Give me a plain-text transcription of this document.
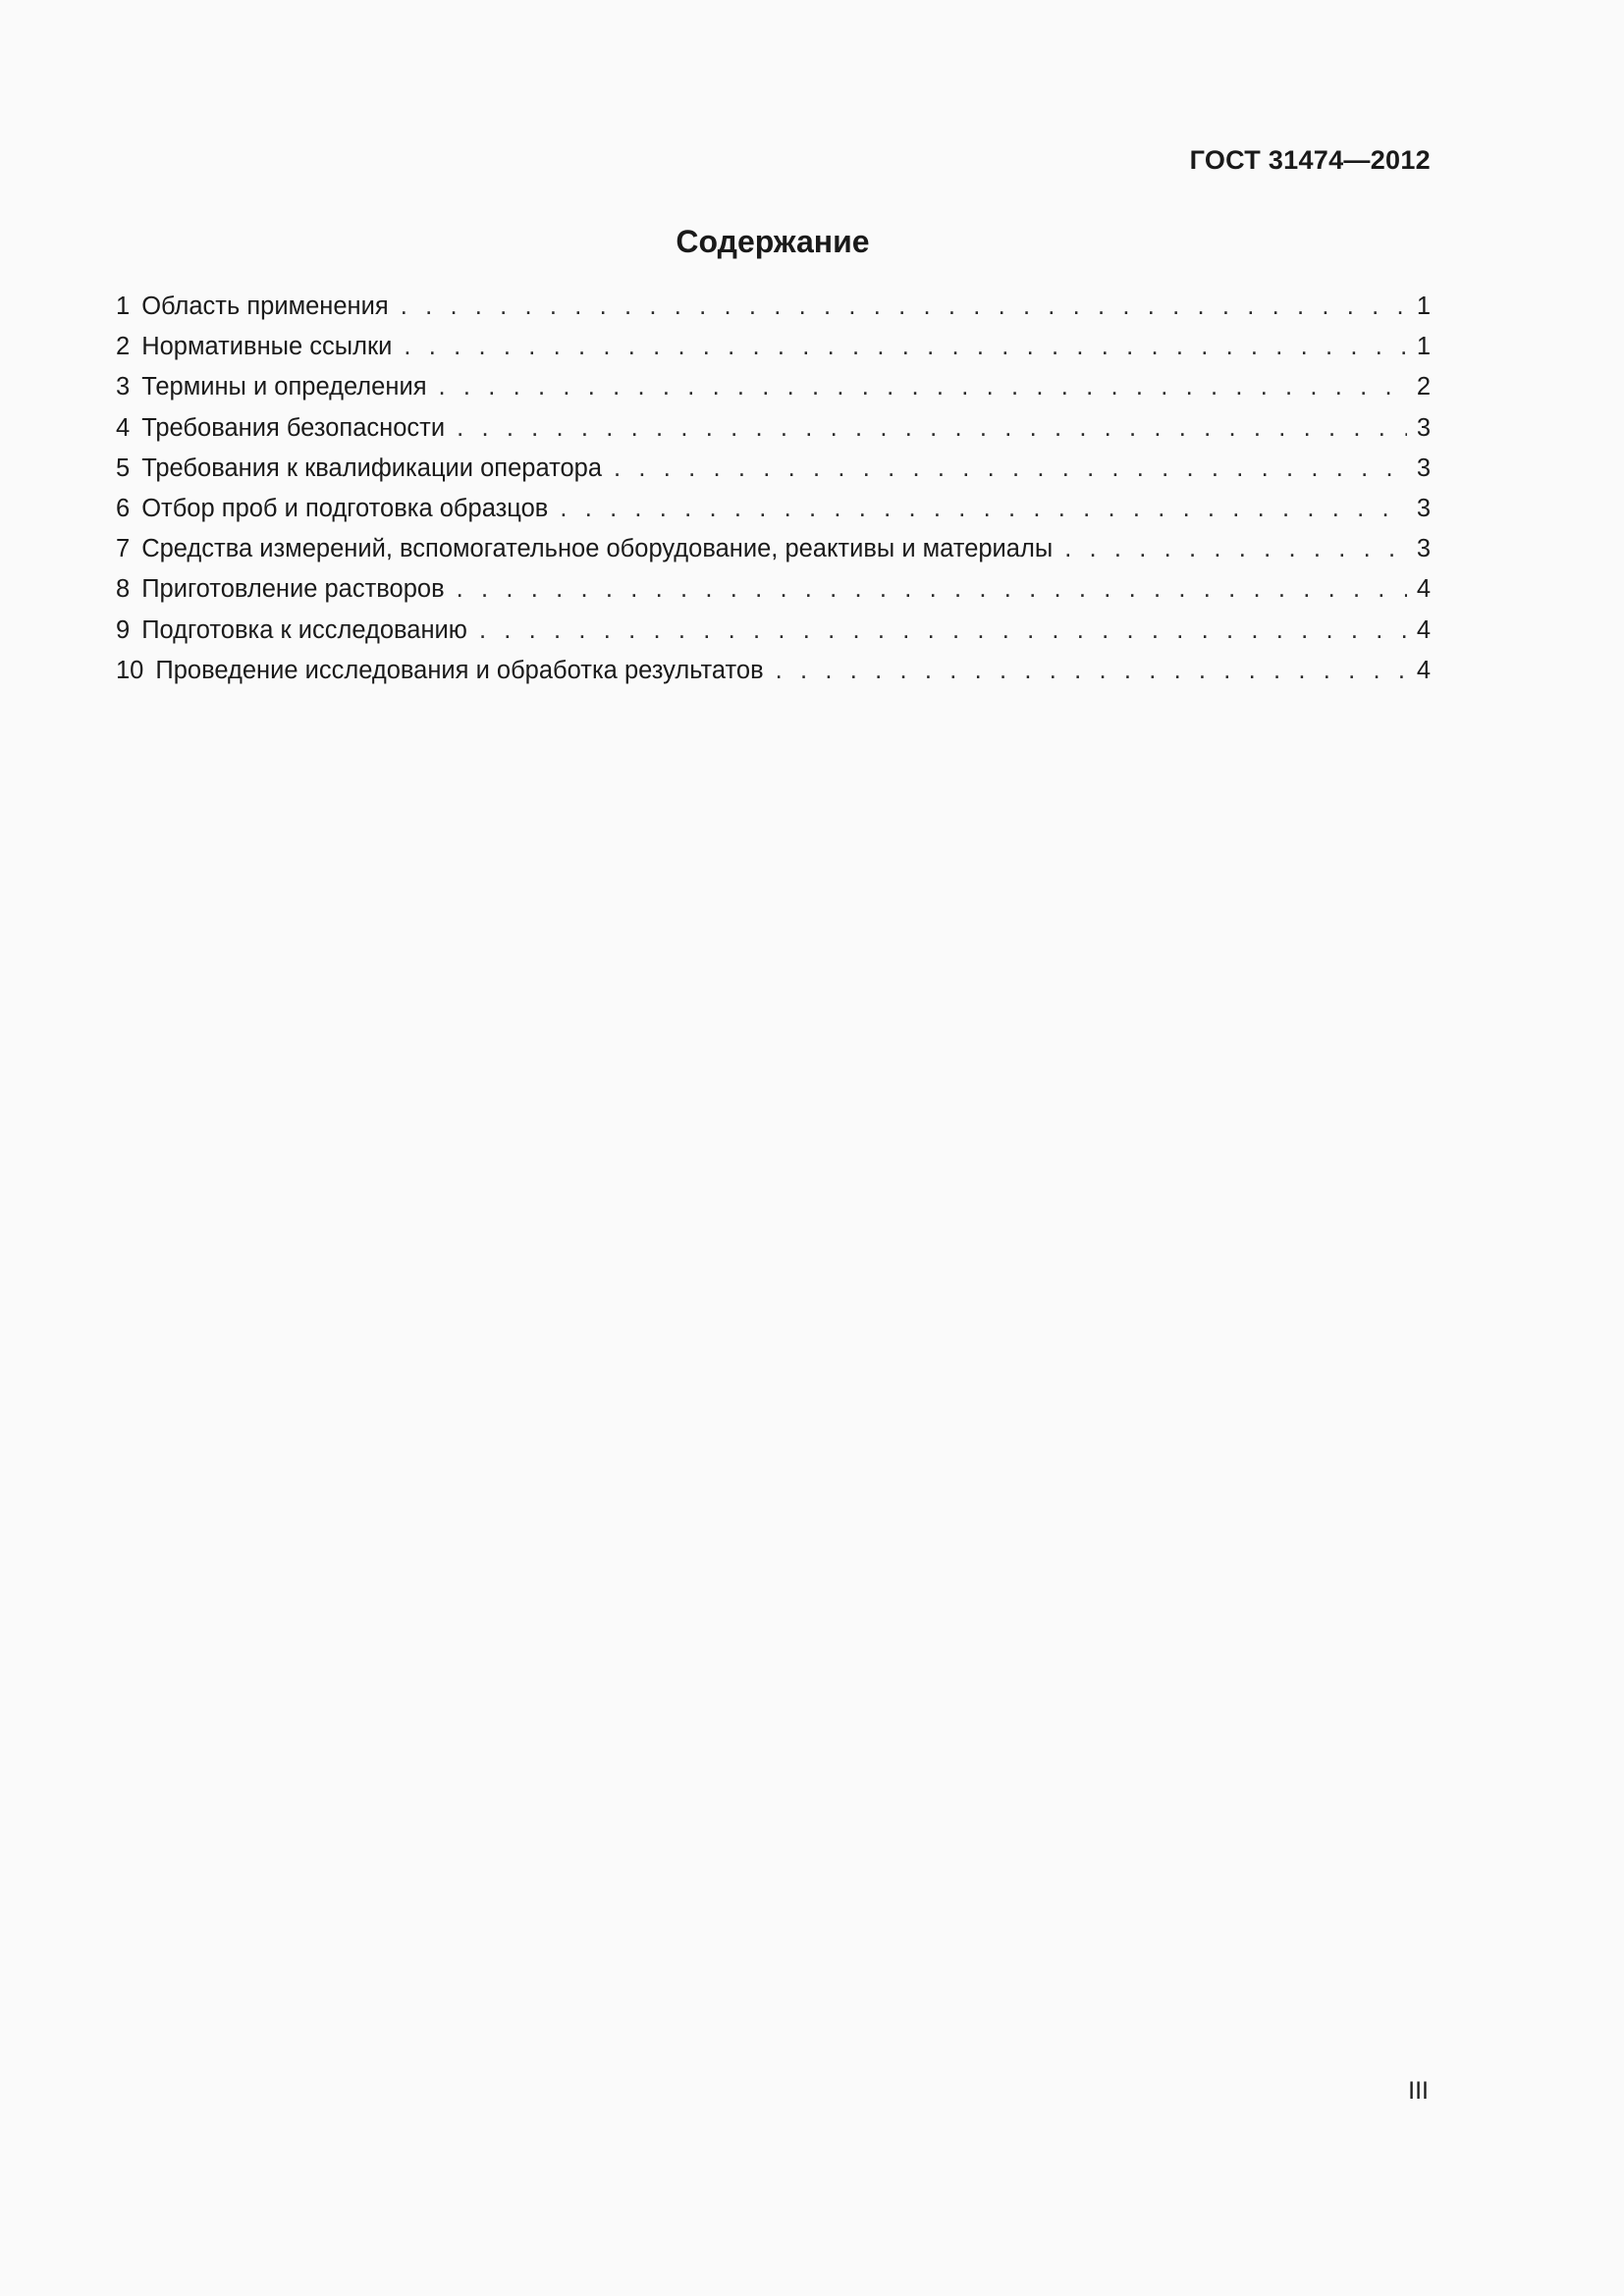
ГОСТ 31474—2012
Содержание
1 Область применения . . .	1
2 Нормативные ссылки . . .	1
3 Термины и определения . . .	2
4 Требования безопасности . . .	3
5 Требования к квалификации оператора . . .	3
6 Отбор проб и подготовка образцов . . .	3
7 Средства измерений, вспомогательное оборудование, реактивы и материалы . . .	3
8 Приготовление растворов . . .	4
9 Подготовка к исследованию . . .	4
10 Проведение исследования и обработка результатов . . .	4
III
